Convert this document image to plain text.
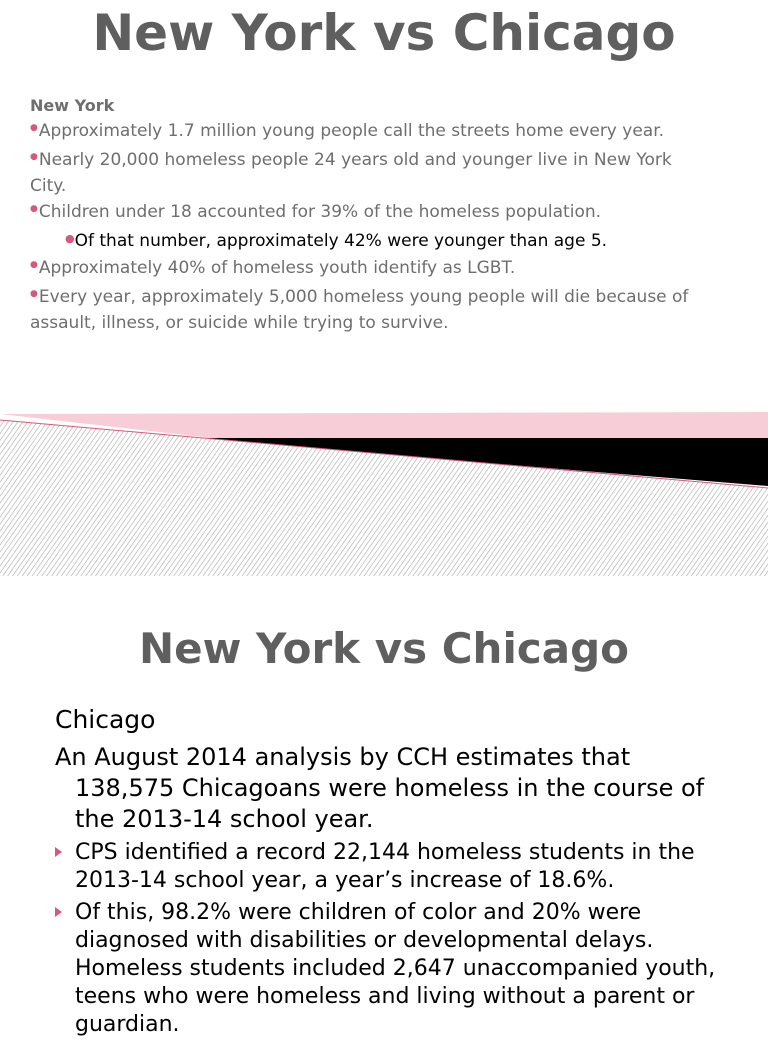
New York vs Chicago
New York
●Approximately 1.7 million young people call the streets home every year.
●Nearly 20,000 homeless people 24 years old and younger live in New York City.
●Children under 18 accounted for 39% of the homeless population.
●Of that number, approximately 42% were younger than age 5.
●Approximately 40% of homeless youth identify as LGBT.
●Every year, approximately 5,000 homeless young people will die because of assault, illness, or suicide while trying to survive.
New York vs Chicago
Chicago
An August 2014 analysis by CCH estimates that 138,575 Chicagoans were homeless in the course of the 2013-14 school year.
CPS identified a record 22,144 homeless students in the 2013-14 school year, a year’s increase of 18.6%.
Of this, 98.2% were children of color and 20% were diagnosed with disabilities or developmental delays. Homeless students included 2,647 unaccompanied youth, teens who were homeless and living without a parent or guardian.
